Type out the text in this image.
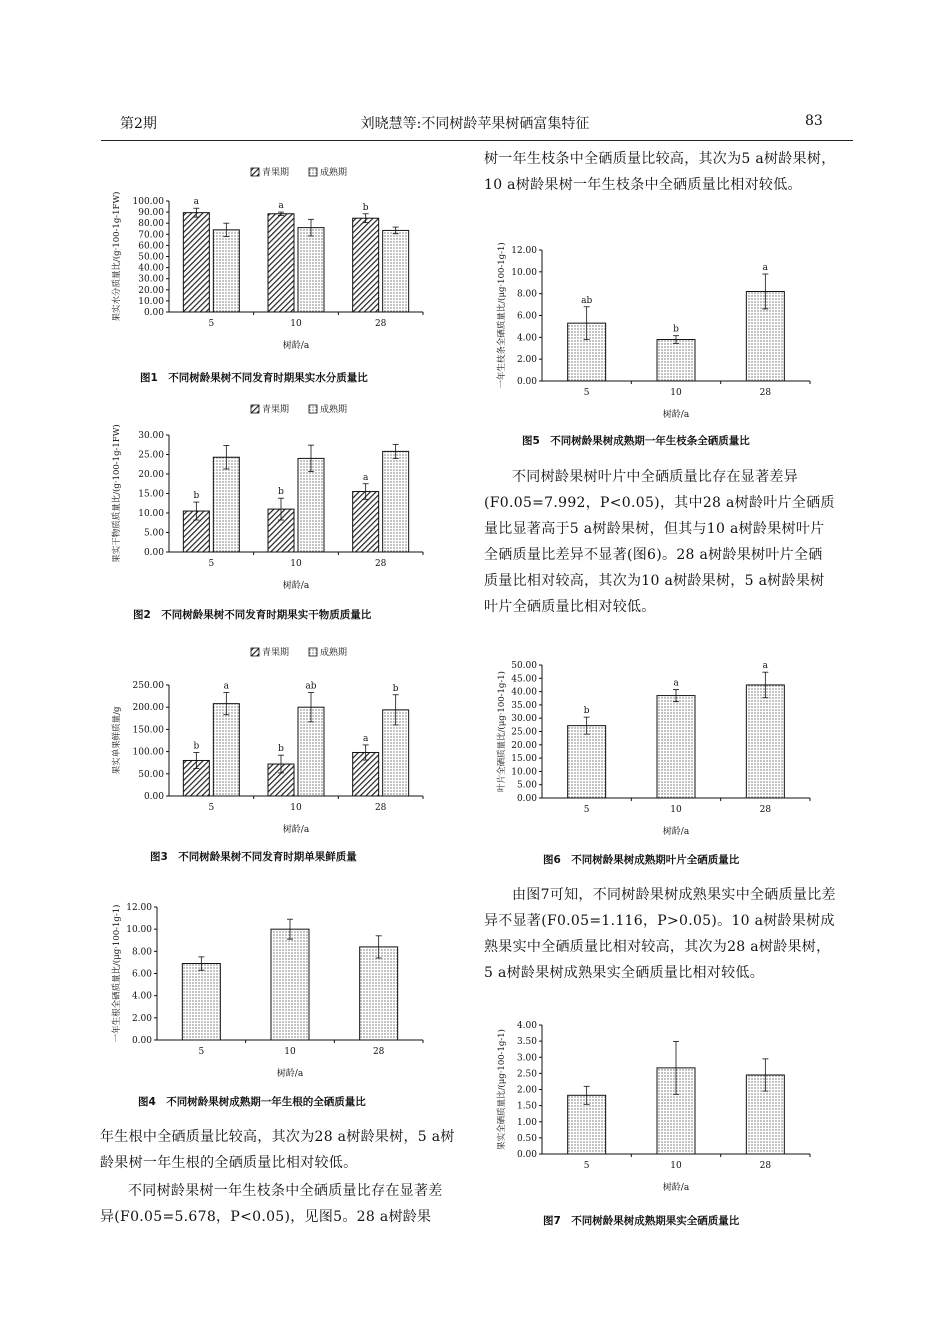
第2期	刘晓慧等:不同树龄苹果树硒富集特征	83

树一年生枝条中全硒质量比较高，其次为5 a树龄果树，10 a树龄果树一年生枝条中全硒质量比相对较低。

不同树龄果树叶片中全硒质量比存在显著差异(F0.05=7.992，P<0.05)，其中28 a树龄叶片全硒质量比显著高于5 a树龄果树，但其与10 a树龄果树叶片全硒质量比差异不显著(图6)。28 a树龄果树叶片全硒质量比相对较高，其次为10 a树龄果树，5 a树龄果树叶片全硒质量比相对较低。

由图7可知，不同树龄果树成熟果实中全硒质量比差异不显著(F0.05=1.116，P>0.05)。10 a树龄果树成熟果实中全硒质量比相对较高，其次为28 a树龄果树，5 a树龄果树成熟果实全硒质量比相对较低。

年生根中全硒质量比较高，其次为28 a树龄果树，5 a树龄果树一年生根的全硒质量比相对较低。

不同树龄果树一年生枝条中全硒质量比存在显著差异(F0.05=5.678，P<0.05)，见图5。28 a树龄果

0.00
10.00
20.00
30.00
40.00
50.00
60.00
70.00
80.00
90.00
100.00
5	10	28
a	a	b
树龄/a
果实水分质量比/(g·100-1g-1FW)
青果期	成熟期
图1　不同树龄果树不同发育时期果实水分质量比
0.00
5.00
10.00
15.00
20.00
25.00
30.00
5	10	28
b	b
a
树龄/a
果实干物质质量比/(g·100-1g-1FW)
青果期	成熟期
图2　不同树龄果树不同发育时期果实干物质质量比
0.00
50.00
100.00
150.00
200.00
250.00
5	10	28
b	b
a
a	ab	b
树龄/a
果实单果鲜质量/g
青果期	成熟期
图3　不同树龄果树不同发育时期单果鲜质量
0.00
2.00
4.00
6.00
8.00
10.00
12.00
5	10	28
树龄/a
一年生根全硒质量比/(μg·100-1g-1)
图4　不同树龄果树成熟期一年生根的全硒质量比
0.00
2.00
4.00
6.00
8.00
10.00
12.00
5	10	28
ab
b
a
树龄/a
一年生枝条全硒质量比/(μg·100-1g-1)
图5　不同树龄果树成熟期一年生枝条全硒质量比
0.00
5.00
10.00
15.00
20.00
25.00
30.00
35.00
40.00
45.00
50.00
5	10	28
b
a
a
树龄/a
叶片全硒质量比/(μg·100-1g-1)
图6　不同树龄果树成熟期叶片全硒质量比
0.00
0.50
1.00
1.50
2.00
2.50
3.00
3.50
4.00
5	10	28
树龄/a
果实全硒质量比/(μg·100-1g-1)
图7　不同树龄果树成熟期果实全硒质量比
